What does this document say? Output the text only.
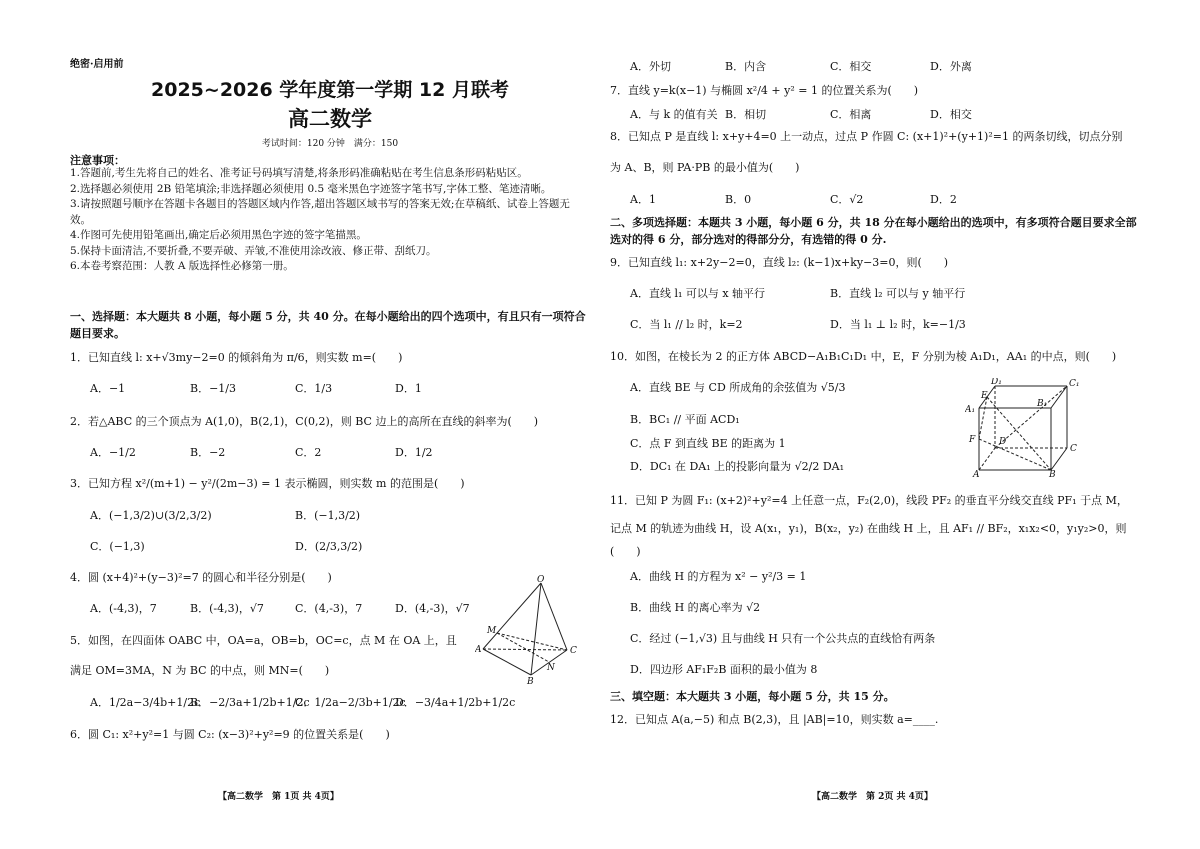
绝密·启用前
2025~2026 学年度第一学期 12 月联考
高二数学
考试时间：120 分钟　满分：150
注意事项：
1.答题前,考生先将自己的姓名、准考证号码填写清楚,将条形码准确粘贴在考生信息条形码粘贴区。
2.选择题必须使用 2B 铅笔填涂;非选择题必须使用 0.5 毫米黑色字迹签字笔书写,字体工整、笔迹清晰。
3.请按照题号顺序在答题卡各题目的答题区域内作答,超出答题区域书写的答案无效;在草稿纸、试卷上答题无效。
4.作图可先使用铅笔画出,确定后必须用黑色字迹的签字笔描黑。
5.保持卡面清洁,不要折叠,不要弄破、弄皱,不准使用涂改液、修正带、刮纸刀。
6.本卷考察范围：人教 A 版选择性必修第一册。
一、选择题：本大题共 8 小题，每小题 5 分，共 40 分。在每小题给出的四个选项中，有且只有一项符合题目要求。
1．已知直线 l: x+√3my−2=0 的倾斜角为 π/6，则实数 m=(　　)
A．−1	B．−1/3	C．1/3	D．1
2．若△ABC 的三个顶点为 A(1,0)，B(2,1)，C(0,2)，则 BC 边上的高所在直线的斜率为(　　)
A．−1/2	B．−2	C．2	D．1/2
3．已知方程 x²/(m+1) − y²/(2m−3) = 1 表示椭圆，则实数 m 的范围是(　　)
A．(−1,3/2)∪(3/2,3/2)	B．(−1,3/2)
C．(−1,3)	D．(2/3,3/2)
4．圆 (x+4)²+(y−3)²=7 的圆心和半径分别是(　　)
A．(-4,3)，7	B．(-4,3)，√7	C．(4,-3)，7	D．(4,-3)，√7
5．如图，在四面体 OABC 中，OA=a，OB=b，OC=c，点 M 在 OA 上，且
满足 OM=3MA，N 为 BC 的中点，则 MN=(　　)
A．1/2a−3/4b+1/2c
B．−2/3a+1/2b+1/2c
C．1/2a−2/3b+1/2c
D．−3/4a+1/2b+1/2c
6．圆 C₁: x²+y²=1 与圆 C₂: (x−3)²+y²=9 的位置关系是(　　)
【高二数学　第 1页 共 4页】
O
M
A
N
C
B
A．外切	B．内含	C．相交	D．外离
7．直线 y=k(x−1) 与椭圆 x²/4 + y² = 1 的位置关系为(　　)
A．与 k 的值有关 B．相切	C．相离	D．相交
8．已知点 P 是直线 l: x+y+4=0 上一动点，过点 P 作圆 C: (x+1)²+(y+1)²=1 的两条切线，切点分别
为 A、B，则 PA·PB 的最小值为(　　)
A．1	B．0	C．√2	D．2
二、多项选择题：本题共 3 小题，每小题 6 分，共 18 分在每小题给出的选项中，有多项符合题目要求全部选对的得 6 分，部分选对的得部分分，有选错的得 0 分.
9．已知直线 l₁: x+2y−2=0，直线 l₂: (k−1)x+ky−3=0，则(　　)
A．直线 l₁ 可以与 x 轴平行	B．直线 l₂ 可以与 y 轴平行
C．当 l₁ // l₂ 时，k=2	D．当 l₁ ⊥ l₂ 时，k=−1/3
10．如图，在棱长为 2 的正方体 ABCD−A₁B₁C₁D₁ 中，E，F 分别为棱 A₁D₁，AA₁ 的中点，则(　　)
A．直线 BE 与 CD 所成角的余弦值为 √5/3
B．BC₁ // 平面 ACD₁
C．点 F 到直线 BE 的距离为 1
D．DC₁ 在 DA₁ 上的投影向量为 √2/2 DA₁
D₁	C₁
E
B₁
A₁
F	D
C
A	B
11．已知 P 为圆 F₁: (x+2)²+y²=4 上任意一点，F₂(2,0)，线段 PF₂ 的垂直平分线交直线 PF₁ 于点 M，
记点 M 的轨迹为曲线 H，设 A(x₁，y₁)，B(x₂，y₂) 在曲线 H 上，且 AF₁ // BF₂，x₁x₂<0，y₁y₂>0，则
(　　)
A．曲线 H 的方程为 x² − y²/3 = 1
B．曲线 H 的离心率为 √2
C．经过 (−1,√3) 且与曲线 H 只有一个公共点的直线恰有两条
D．四边形 AF₁F₂B 面积的最小值为 8
三、填空题：本大题共 3 小题，每小题 5 分，共 15 分。
12．已知点 A(a,−5) 和点 B(2,3)，且 |AB|=10，则实数 a=____.
【高二数学　第 2页 共 4页】
